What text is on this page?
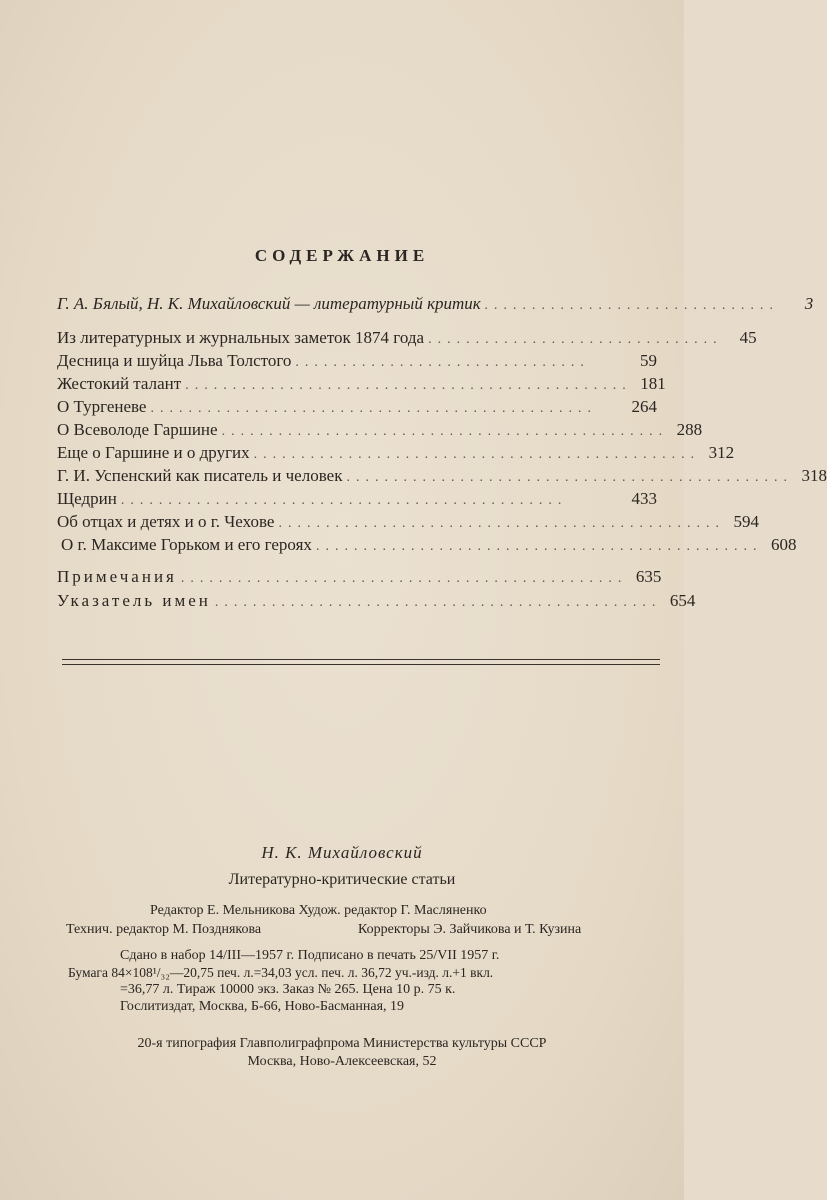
СОДЕРЖАНИЕ
Г. А. Бялый, Н. К. Михайловский — литературный критик ...............................	3
Из литературных и журнальных заметок 1874 года ...............................	45
Десница и шуйца Льва Толстого ...............................	59
Жестокий талант ............................................... 181
О Тургеневе ...............................................	264
О Всеволоде Гаршине ............................................... 288
Еще о Гаршине и о других ............................................... 312
Г. И. Успенский как писатель и человек ............................................... 318
Щедрин ...............................................	433
Об отцах и детях и о г. Чехове ............................................... 594
О г. Максиме Горьком и его героях ............................................... 608
Примечания ............................................... 635
Указатель имен ............................................... 654
Н. К. Михайловский
Литературно-критические статьи
Редактор Е. Мельникова Худож. редактор Г. Масляненко
Технич. редактор М. Позднякова	Корректоры Э. Зайчикова и Т. Кузина
Сдано в набор 14/III—1957 г. Подписано в печать 25/VII 1957 г.
Бумага 84×108¹/₃₂—20,75 печ. л.=34,03 усл. печ. л. 36,72 уч.-изд. л.+1 вкл.
=36,77 л. Тираж 10000 экз. Заказ № 265. Цена 10 р. 75 к.
Гослитиздат, Москва, Б-66, Ново-Басманная, 19
20-я типография Главполиграфпрома Министерства культуры СССР
Москва, Ново-Алексеевская, 52
